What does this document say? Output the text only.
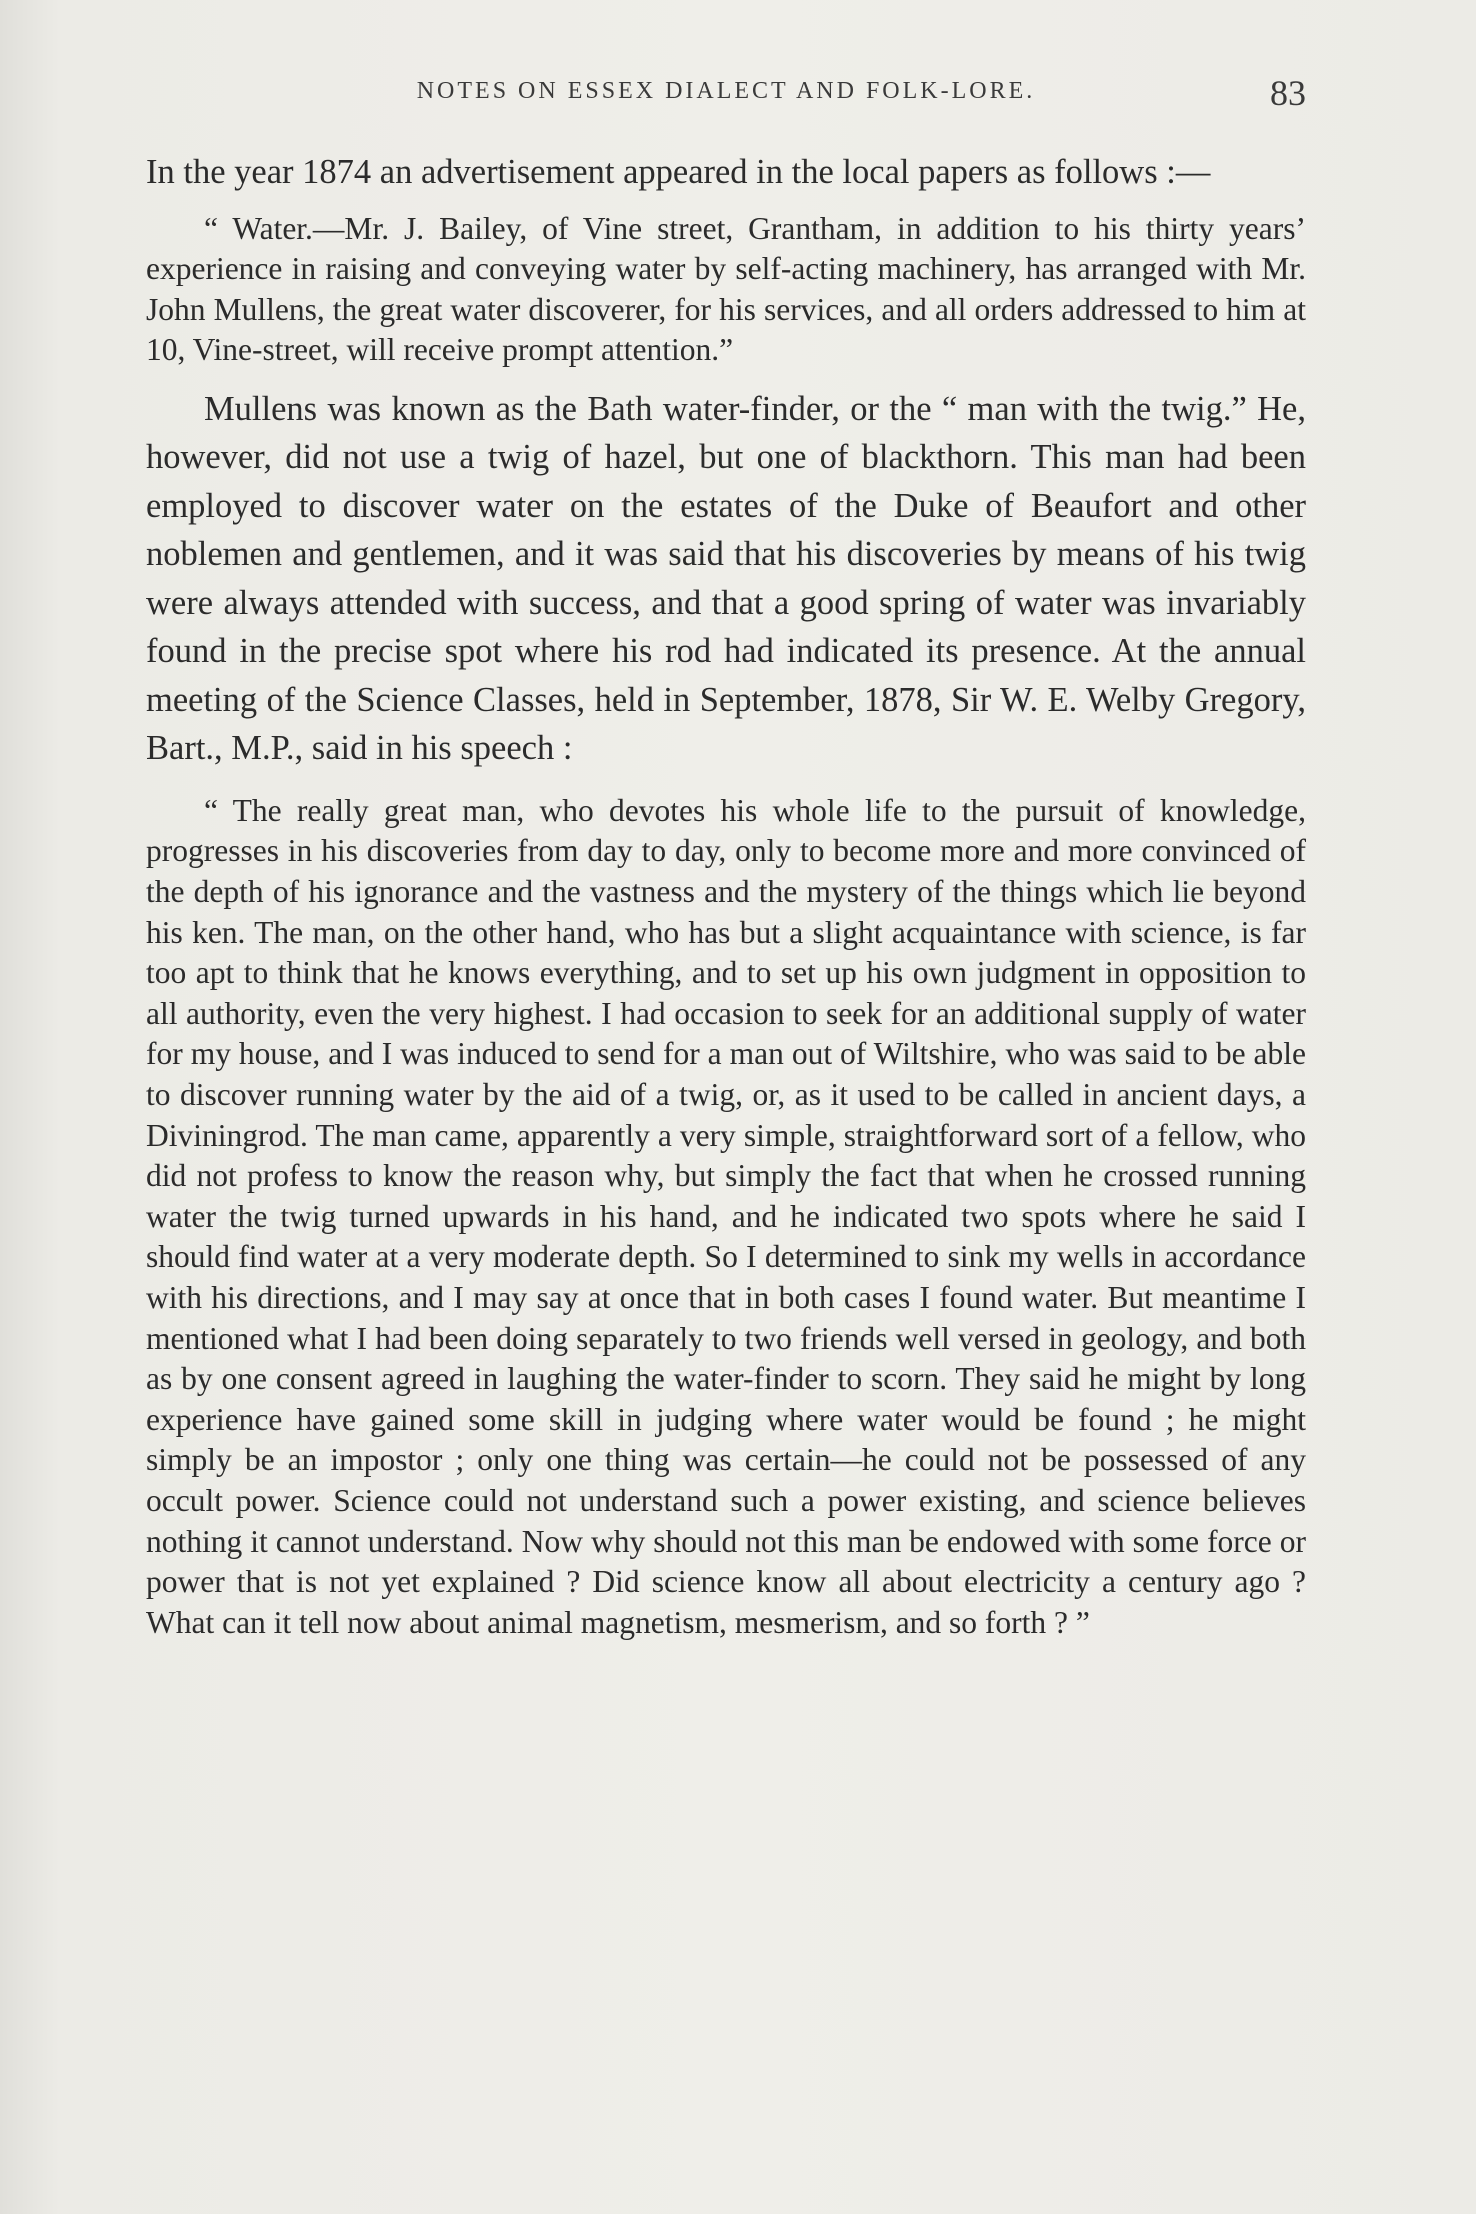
NOTES ON ESSEX DIALECT AND FOLK-LORE.	83

In the year 1874 an advertisement appeared in the local papers as follows :—

“ Water.—Mr. J. Bailey, of Vine street, Grantham, in addition to his thirty years’ experience in raising and conveying water by self-acting machinery, has arranged with Mr. John Mullens, the great water discoverer, for his services, and all orders addressed to him at 10, Vine-street, will receive prompt attention.”

Mullens was known as the Bath water-finder, or the “ man with the twig.” He, however, did not use a twig of hazel, but one of blackthorn. This man had been employed to discover water on the estates of the Duke of Beaufort and other noblemen and gentlemen, and it was said that his discoveries by means of his twig were always attended with success, and that a good spring of water was invariably found in the precise spot where his rod had indicated its presence. At the annual meeting of the Science Classes, held in September, 1878, Sir W. E. Welby Gregory, Bart., M.P., said in his speech :

“ The really great man, who devotes his whole life to the pursuit of knowledge, progresses in his discoveries from day to day, only to become more and more convinced of the depth of his ignorance and the vastness and the mystery of the things which lie beyond his ken. The man, on the other hand, who has but a slight acquaintance with science, is far too apt to think that he knows everything, and to set up his own judgment in opposition to all authority, even the very highest. I had occasion to seek for an additional supply of water for my house, and I was induced to send for a man out of Wiltshire, who was said to be able to discover running water by the aid of a twig, or, as it used to be called in ancient days, a Diviningrod. The man came, apparently a very simple, straightforward sort of a fellow, who did not profess to know the reason why, but simply the fact that when he crossed running water the twig turned upwards in his hand, and he indicated two spots where he said I should find water at a very moderate depth. So I determined to sink my wells in accordance with his directions, and I may say at once that in both cases I found water. But meantime I mentioned what I had been doing separately to two friends well versed in geology, and both as by one consent agreed in laughing the water-finder to scorn. They said he might by long experience have gained some skill in judging where water would be found ; he might simply be an impostor ; only one thing was certain—he could not be possessed of any occult power. Science could not understand such a power existing, and science believes nothing it cannot understand. Now why should not this man be endowed with some force or power that is not yet explained ? Did science know all about electricity a century ago ? What can it tell now about animal magnetism, mesmerism, and so forth ? ”
